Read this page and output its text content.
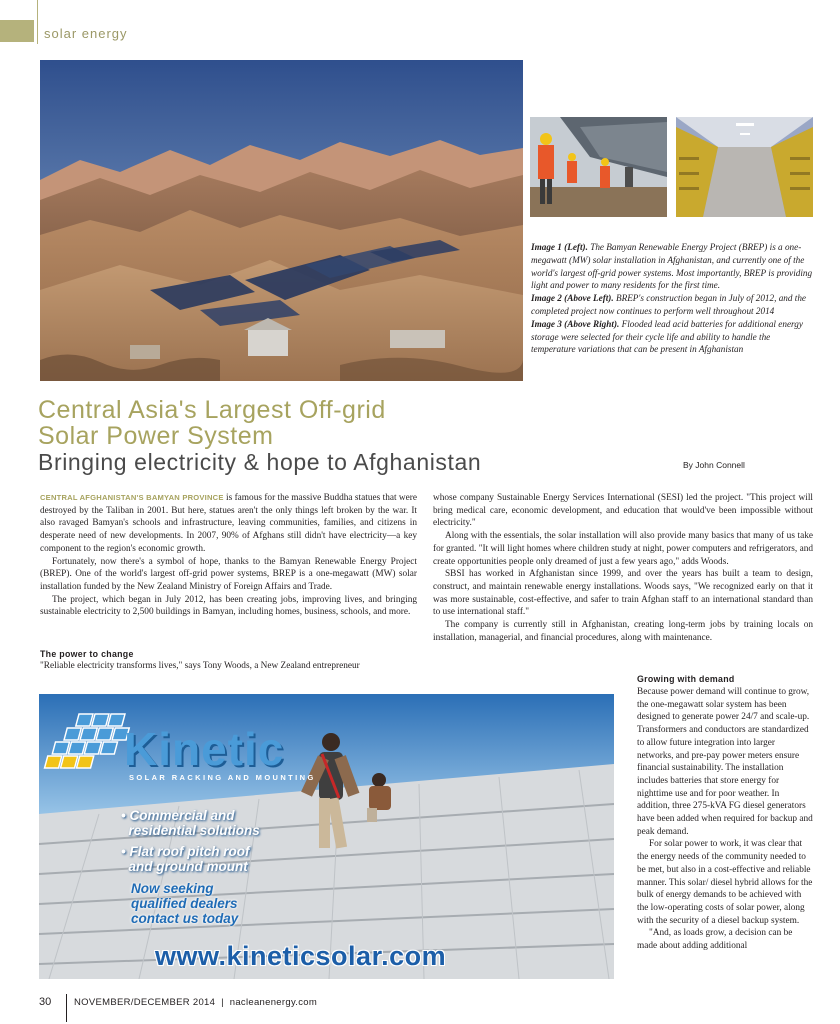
solar energy

Image 1 (Left). The Bamyan Renewable Energy Project (BREP) is a one-megawatt (MW) solar installation in Afghanistan, and currently one of the world's largest off-grid power systems. Most importantly, BREP is providing light and power to many residents for the first time.

Image 2 (Above Left). BREP's construction began in July of 2012, and the completed project now continues to perform well throughout 2014

Image 3 (Above Right). Flooded lead acid batteries for additional energy storage were selected for their cycle life and ability to handle the temperature variations that can be present in Afghanistan

Central Asia's Largest Off-grid
Solar Power System
Bringing electricity & hope to Afghanistan	By John Connell

CENTRAL AFGHANISTAN'S BAMYAN PROVINCE is famous for the massive Buddha statues that were destroyed by the Taliban in 2001. But here, statues aren't the only things left broken by the war. It also ravaged Bamyan's schools and infrastructure, leaving communities, families, and citizens in desperate need of new developments. In 2007, 90% of Afghans still didn't have electricity—a key component to the region's economic growth.

Fortunately, now there's a symbol of hope, thanks to the Bamyan Renewable Energy Project (BREP). One of the world's largest off-grid power systems, BREP is a one-megawatt (MW) solar installation funded by the New Zealand Ministry of Foreign Affairs and Trade.

The project, which began in July 2012, has been creating jobs, improving lives, and bringing sustainable electricity to 2,500 buildings in Bamyan, including homes, business, schools, and more.

The power to change
"Reliable electricity transforms lives," says Tony Woods, a New Zealand entrepreneur

whose company Sustainable Energy Services International (SESI) led the project. "This project will bring medical care, economic development, and education that would've been impossible without electricity."

Along with the essentials, the solar installation will also provide many basics that many of us take for granted. "It will light homes where children study at night, power computers and refrigerators, and create opportunities people only dreamed of just a few years ago," adds Woods.

SBSI has worked in Afghanistan since 1999, and over the years has built a team to design, construct, and maintain renewable energy installations. Woods says, "We recognized early on that it was more sustainable, cost-effective, and safer to train Afghan staff to an international standard than to use international staff."

The company is currently still in Afghanistan, creating long-term jobs by training locals on installation, managerial, and financial procedures, along with maintenance.

Growing with demand

Because power demand will continue to grow, the one-megawatt solar system has been designed to generate power 24/7 and scale-up. Transformers and conductors are standardized to allow future integration into larger networks, and pre-pay power meters ensure financial sustainability. The installation includes batteries that store energy for nighttime use and for poor weather. In addition, three 275-kVA FG diesel generators have been added when required for backup and peak demand.

For solar power to work, it was clear that the energy needs of the community needed to be met, but also in a cost-effective and reliable manner. This solar/ diesel hybrid allows for the bulk of energy demands to be achieved with the low-operating costs of solar power, along with the security of a diesel backup system.

"And, as loads grow, a decision can be made about adding additional

Kinetic
SOLAR RACKING AND MOUNTING
• Commercial and
residential solutions
• Flat roof pitch roof
and ground mount
Now seeking
qualified dealers
contact us today
www.kineticsolar.com
30 NOVEMBER/DECEMBER 2014  |  nacleanenergy.com
